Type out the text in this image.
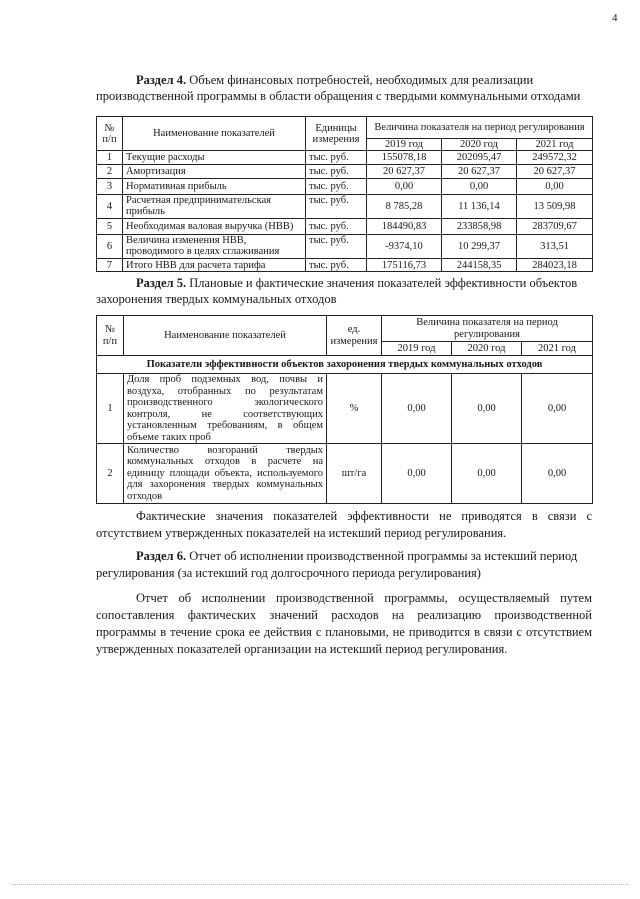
4
Раздел 4. Объем финансовых потребностей, необходимых для реализации производственной программы в области обращения с твердыми коммунальными отходами
№ п/п	Наименование показателей	Единицы измерения	Величина показателя на период регулирования		
			2019 год	2020 год	2021 год
1	Текущие расходы	тыс. руб.	155078,18	202095,47	249572,32
2	Амортизация	тыс. руб.	20 627,37	20 627,37	20 627,37
3	Нормативная прибыль	тыс. руб.	0,00	0,00	0,00
4	Расчетная предпринимательская прибыль	тыс. руб.	8 785,28	11 136,14	13 509,98
5	Необходимая валовая выручка (НВВ)	тыс. руб.	184490,83	233858,98	283709,67
6	Величина изменения НВВ, проводимого в целях сглаживания	тыс. руб.	-9374,10	10 299,37	313,51
7	Итого НВВ для расчета тарифа	тыс. руб.	175116,73	244158,35	284023,18
Раздел 5. Плановые и фактические значения показателей эффективности объектов захоронения твердых коммунальных отходов
№ п/п	Наименование показателей	ед. измерения	Величина показателя на период регулирования		
			2019 год	2020 год	2021 год
Показатели эффективности объектов захоронения твердых коммунальных отходов					
1	Доля проб подземных вод, почвы и воздуха, отобранных по результатам производственного экологического контроля, не соответствующих установленным требованиям, в общем объеме таких проб	%	0,00	0,00	0,00
2	Количество возгораний твердых коммунальных отходов в расчете на единицу площади объекта, используемого для захоронения твердых коммунальных отходов	шт/га	0,00	0,00	0,00
Фактические значения показателей эффективности не приводятся в связи с отсутствием утвержденных показателей на истекший период регулирования.
Раздел 6. Отчет об исполнении производственной программы за истекший период регулирования (за истекший год долгосрочного периода регулирования)
Отчет об исполнении производственной программы, осуществляемый путем сопоставления фактических значений расходов на реализацию производственной программы в течение срока ее действия с плановыми, не приводится в связи с отсутствием утвержденных показателей организации на истекший период регулирования.
